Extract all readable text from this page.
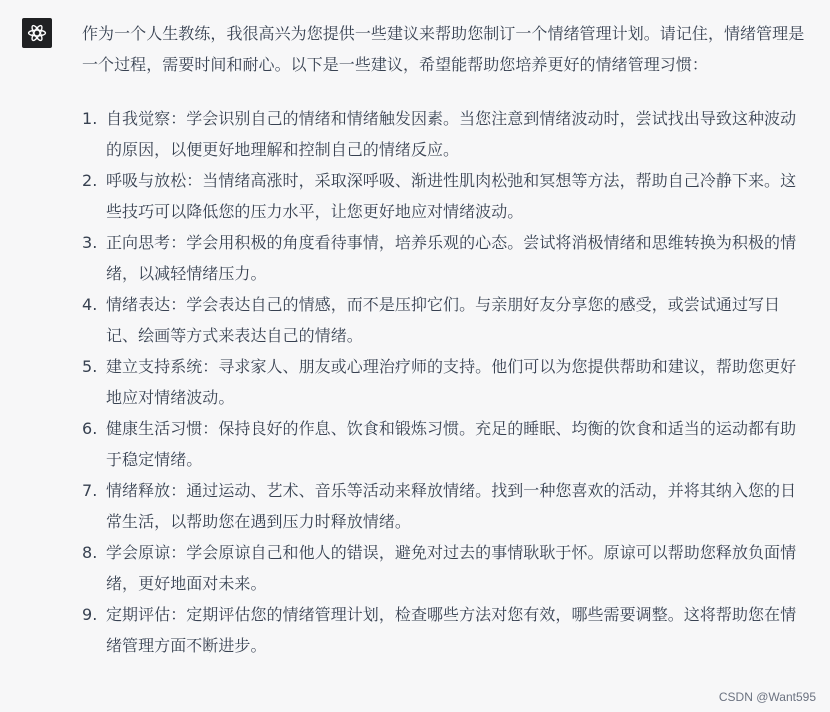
作为一个人生教练，我很高兴为您提供一些建议来帮助您制订一个情绪管理计划。请记住，情绪管理是一个过程，需要时间和耐心。以下是一些建议，希望能帮助您培养更好的情绪管理习惯：

1. 自我觉察：学会识别自己的情绪和情绪触发因素。当您注意到情绪波动时，尝试找出导致这种波动的原因，以便更好地理解和控制自己的情绪反应。
2. 呼吸与放松：当情绪高涨时，采取深呼吸、渐进性肌肉松弛和冥想等方法，帮助自己冷静下来。这些技巧可以降低您的压力水平，让您更好地应对情绪波动。
3. 正向思考：学会用积极的角度看待事情，培养乐观的心态。尝试将消极情绪和思维转换为积极的情绪，以减轻情绪压力。
4. 情绪表达：学会表达自己的情感，而不是压抑它们。与亲朋好友分享您的感受，或尝试通过写日记、绘画等方式来表达自己的情绪。
5. 建立支持系统：寻求家人、朋友或心理治疗师的支持。他们可以为您提供帮助和建议，帮助您更好地应对情绪波动。
6. 健康生活习惯：保持良好的作息、饮食和锻炼习惯。充足的睡眠、均衡的饮食和适当的运动都有助于稳定情绪。
7. 情绪释放：通过运动、艺术、音乐等活动来释放情绪。找到一种您喜欢的活动，并将其纳入您的日常生活，以帮助您在遇到压力时释放情绪。
8. 学会原谅：学会原谅自己和他人的错误，避免对过去的事情耿耿于怀。原谅可以帮助您释放负面情绪，更好地面对未来。
9. 定期评估：定期评估您的情绪管理计划，检查哪些方法对您有效，哪些需要调整。这将帮助您在情绪管理方面不断进步。
CSDN @Want595
